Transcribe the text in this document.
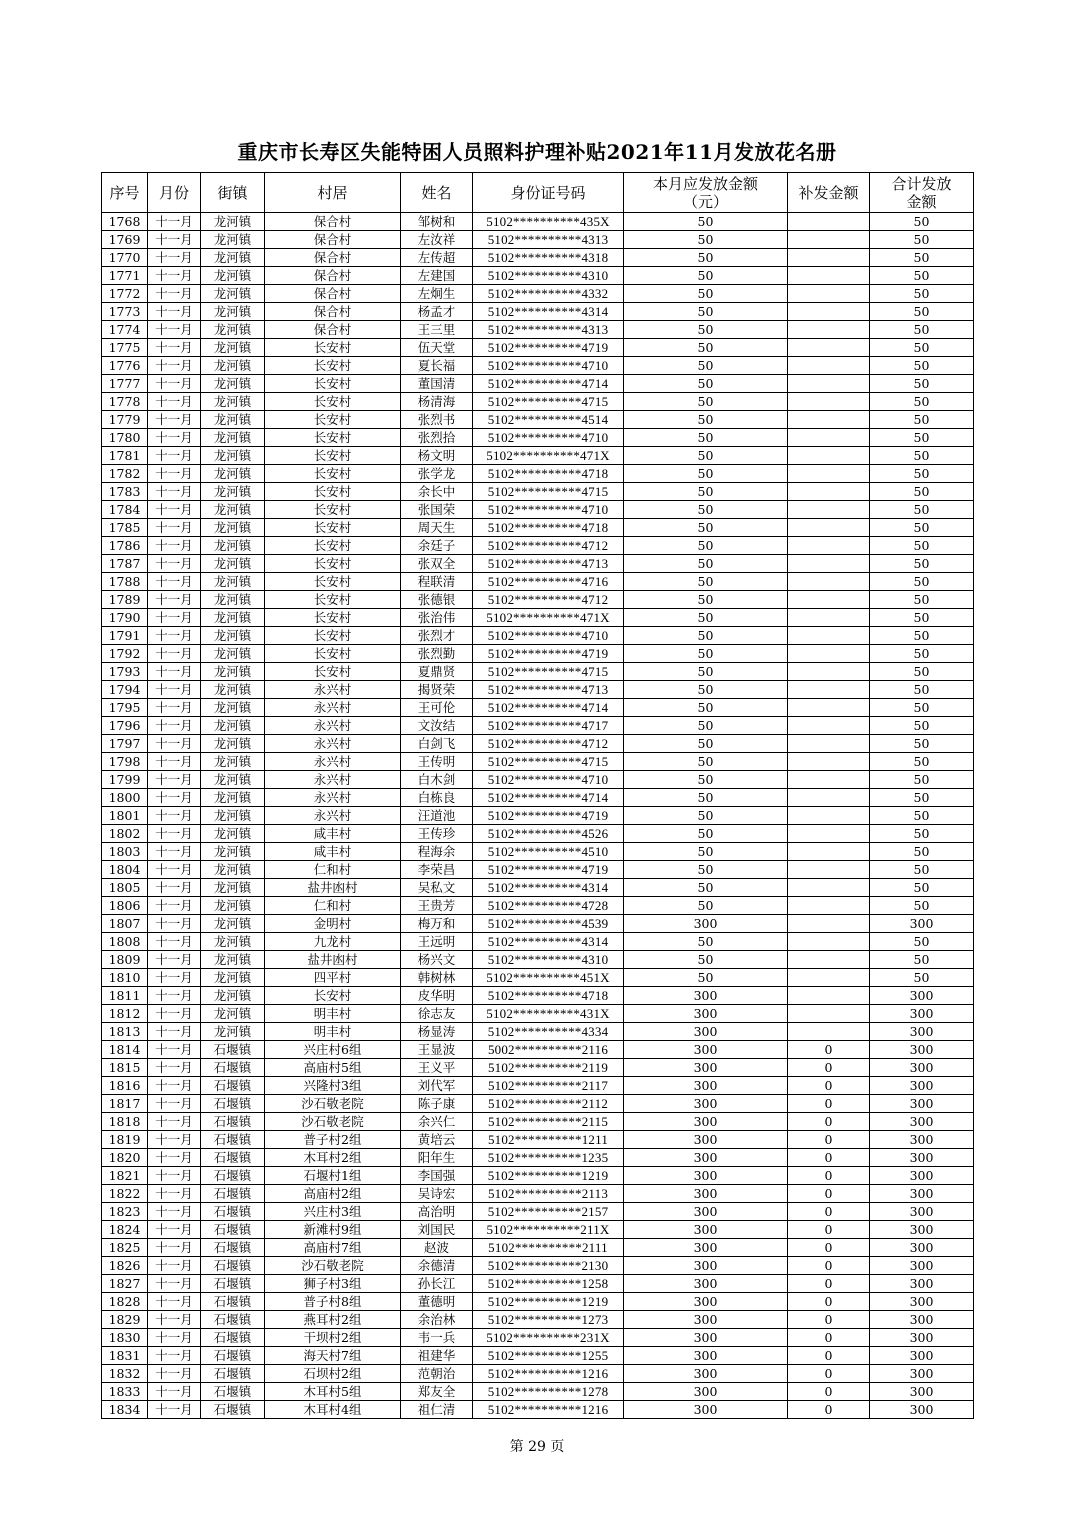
重庆市长寿区失能特困人员照料护理补贴2021年11月发放花名册
序号	月份	街镇	村居	姓名	身份证号码	本月应发放金额（元）	补发金额	合计发放金额
1768	十一月	龙河镇	保合村	邹树和	5102**********435X	50		50
1769	十一月	龙河镇	保合村	左汝祥	5102**********4313	50		50
1770	十一月	龙河镇	保合村	左传超	5102**********4318	50		50
1771	十一月	龙河镇	保合村	左建国	5102**********4310	50		50
1772	十一月	龙河镇	保合村	左炯生	5102**********4332	50		50
1773	十一月	龙河镇	保合村	杨孟才	5102**********4314	50		50
1774	十一月	龙河镇	保合村	王三里	5102**********4313	50		50
1775	十一月	龙河镇	长安村	伍天堂	5102**********4719	50		50
1776	十一月	龙河镇	长安村	夏长福	5102**********4710	50		50
1777	十一月	龙河镇	长安村	董国清	5102**********4714	50		50
1778	十一月	龙河镇	长安村	杨清海	5102**********4715	50		50
1779	十一月	龙河镇	长安村	张烈书	5102**********4514	50		50
1780	十一月	龙河镇	长安村	张烈拾	5102**********4710	50		50
1781	十一月	龙河镇	长安村	杨文明	5102**********471X	50		50
1782	十一月	龙河镇	长安村	张学龙	5102**********4718	50		50
1783	十一月	龙河镇	长安村	余长中	5102**********4715	50		50
1784	十一月	龙河镇	长安村	张国荣	5102**********4710	50		50
1785	十一月	龙河镇	长安村	周天生	5102**********4718	50		50
1786	十一月	龙河镇	长安村	余廷子	5102**********4712	50		50
1787	十一月	龙河镇	长安村	张双全	5102**********4713	50		50
1788	十一月	龙河镇	长安村	程联清	5102**********4716	50		50
1789	十一月	龙河镇	长安村	张德银	5102**********4712	50		50
1790	十一月	龙河镇	长安村	张治伟	5102**********471X	50		50
1791	十一月	龙河镇	长安村	张烈才	5102**********4710	50		50
1792	十一月	龙河镇	长安村	张烈勤	5102**********4719	50		50
1793	十一月	龙河镇	长安村	夏鼎贤	5102**********4715	50		50
1794	十一月	龙河镇	永兴村	揭贤荣	5102**********4713	50		50
1795	十一月	龙河镇	永兴村	王可伦	5102**********4714	50		50
1796	十一月	龙河镇	永兴村	文汝结	5102**********4717	50		50
1797	十一月	龙河镇	永兴村	白剑飞	5102**********4712	50		50
1798	十一月	龙河镇	永兴村	王传明	5102**********4715	50		50
1799	十一月	龙河镇	永兴村	白木剑	5102**********4710	50		50
1800	十一月	龙河镇	永兴村	白栋良	5102**********4714	50		50
1801	十一月	龙河镇	永兴村	汪道池	5102**********4719	50		50
1802	十一月	龙河镇	咸丰村	王传珍	5102**********4526	50		50
1803	十一月	龙河镇	咸丰村	程海余	5102**********4510	50		50
1804	十一月	龙河镇	仁和村	李荣昌	5102**********4719	50		50
1805	十一月	龙河镇	盐井凼村	吴私文	5102**********4314	50		50
1806	十一月	龙河镇	仁和村	王贵芳	5102**********4728	50		50
1807	十一月	龙河镇	金明村	梅万和	5102**********4539	300		300
1808	十一月	龙河镇	九龙村	王远明	5102**********4314	50		50
1809	十一月	龙河镇	盐井凼村	杨兴文	5102**********4310	50		50
1810	十一月	龙河镇	四平村	韩树林	5102**********451X	50		50
1811	十一月	龙河镇	长安村	皮华明	5102**********4718	300		300
1812	十一月	龙河镇	明丰村	徐志友	5102**********431X	300		300
1813	十一月	龙河镇	明丰村	杨显涛	5102**********4334	300		300
1814	十一月	石堰镇	兴庄村6组	王显波	5002**********2116	300	0	300
1815	十一月	石堰镇	高庙村5组	王义平	5102**********2119	300	0	300
1816	十一月	石堰镇	兴隆村3组	刘代军	5102**********2117	300	0	300
1817	十一月	石堰镇	沙石敬老院	陈子康	5102**********2112	300	0	300
1818	十一月	石堰镇	沙石敬老院	余兴仁	5102**********2115	300	0	300
1819	十一月	石堰镇	普子村2组	黄培云	5102**********1211	300	0	300
1820	十一月	石堰镇	木耳村2组	阳年生	5102**********1235	300	0	300
1821	十一月	石堰镇	石堰村1组	李国强	5102**********1219	300	0	300
1822	十一月	石堰镇	高庙村2组	吴诗宏	5102**********2113	300	0	300
1823	十一月	石堰镇	兴庄村3组	高治明	5102**********2157	300	0	300
1824	十一月	石堰镇	新滩村9组	刘国民	5102**********211X	300	0	300
1825	十一月	石堰镇	高庙村7组	赵波	5102**********2111	300	0	300
1826	十一月	石堰镇	沙石敬老院	余德清	5102**********2130	300	0	300
1827	十一月	石堰镇	狮子村3组	孙长江	5102**********1258	300	0	300
1828	十一月	石堰镇	普子村8组	董德明	5102**********1219	300	0	300
1829	十一月	石堰镇	燕耳村2组	余治林	5102**********1273	300	0	300
1830	十一月	石堰镇	干坝村2组	韦一兵	5102**********231X	300	0	300
1831	十一月	石堰镇	海天村7组	祖建华	5102**********1255	300	0	300
1832	十一月	石堰镇	石坝村2组	范朝治	5102**********1216	300	0	300
1833	十一月	石堰镇	木耳村5组	郑友全	5102**********1278	300	0	300
1834	十一月	石堰镇	木耳村4组	祖仁清	5102**********1216	300	0	300
第 29 页
